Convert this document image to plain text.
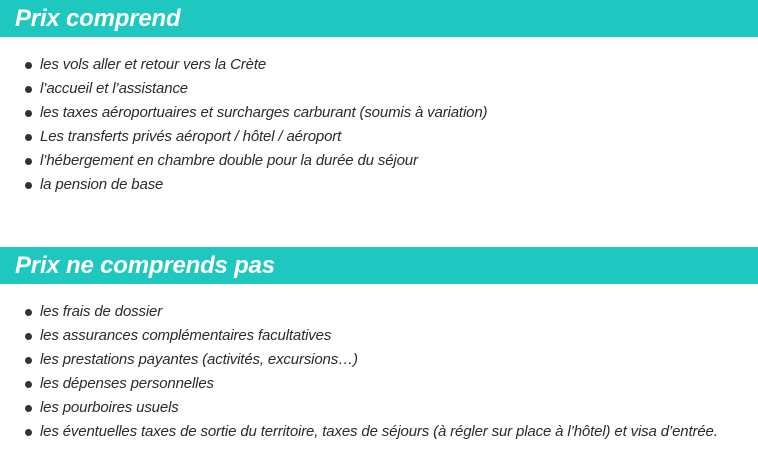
Prix comprend
les vols aller et retour vers la Crète
l’accueil et l’assistance
les taxes aéroportuaires et surcharges carburant (soumis à variation)
Les transferts privés aéroport / hôtel / aéroport
l’hébergement en chambre double pour la durée du séjour
la pension de base
Prix ne comprends pas
les frais de dossier
les assurances complémentaires facultatives
les prestations payantes (activités, excursions…)
les dépenses personnelles
les pourboires usuels
les éventuelles taxes de sortie du territoire, taxes de séjours (à régler sur place à l’hôtel) et visa d’entrée.
